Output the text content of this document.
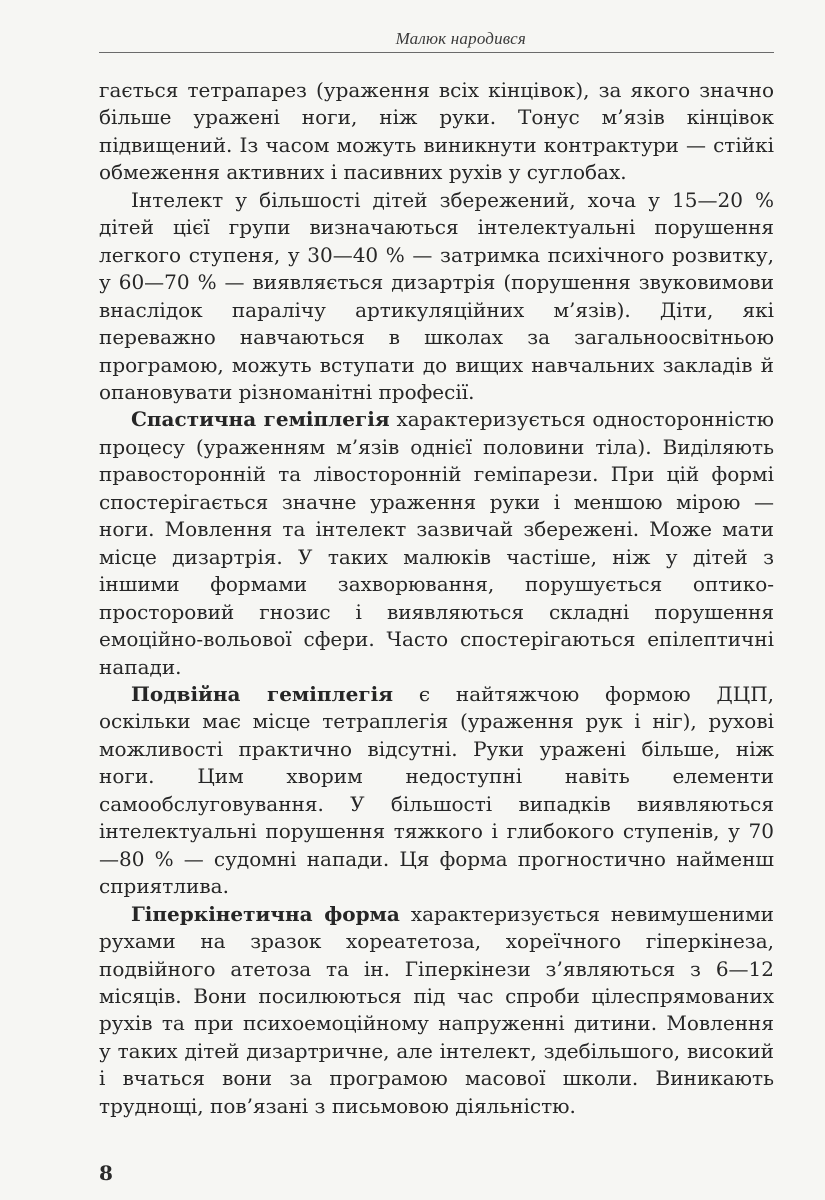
Малюк народився

гається тетрапарез (ураження всіх кінцівок), за якого значно більше уражені ноги, ніж руки. Тонус м’язів кінцівок підвищений. Із часом можуть виникнути контрактури — стійкі обмеження активних і пасивних рухів у суглобах.

Інтелект у більшості дітей збережений, хоча у 15—20 % дітей цієї групи визначаються інтелектуальні порушення легкого ступеня, у 30—40 % — затримка психічного розвитку, у 60—70 % — виявляється дизартрія (порушення звуковимови внаслідок паралічу артикуляційних м’язів). Діти, які переважно навчаються в школах за загальноосвітньою програмою, можуть вступати до вищих навчальних закладів й опановувати різноманітні професії.

Спастична геміплегія характеризується односторонністю процесу (ураженням м’язів однієї половини тіла). Виділяють правосторонній та лівосторонній геміпарези. При цій формі спостерігається значне ураження руки і меншою мірою — ноги. Мовлення та інтелект зазвичай збережені. Може мати місце дизартрія. У таких малюків частіше, ніж у дітей з іншими формами захворювання, порушується оптико-просторовий гнозис і виявляються складні порушення емоційно-вольової сфери. Часто спостерігаються епілептичні напади.

Подвійна геміплегія є найтяжчою формою ДЦП, оскільки має місце тетраплегія (ураження рук і ніг), рухові можливості практично відсутні. Руки уражені більше, ніж ноги. Цим хворим недоступні навіть елементи самообслуговування. У більшості випадків виявляються інтелектуальні порушення тяжкого і глибокого ступенів, у 70—80 % — судомні напади. Ця форма прогностично найменш сприятлива.

Гіперкінетична форма характеризується невимушеними рухами на зразок хореатетоза, хореїчного гіперкінеза, подвійного атетоза та ін. Гіперкінези з’являються з 6—12 місяців. Вони посилюються під час спроби цілеспрямованих рухів та при психоемоційному напруженні дитини. Мовлення у таких дітей дизартричне, але інтелект, здебільшого, високий і вчаться вони за програмою масової школи. Виникають труднощі, пов’язані з письмовою діяльністю.

8
